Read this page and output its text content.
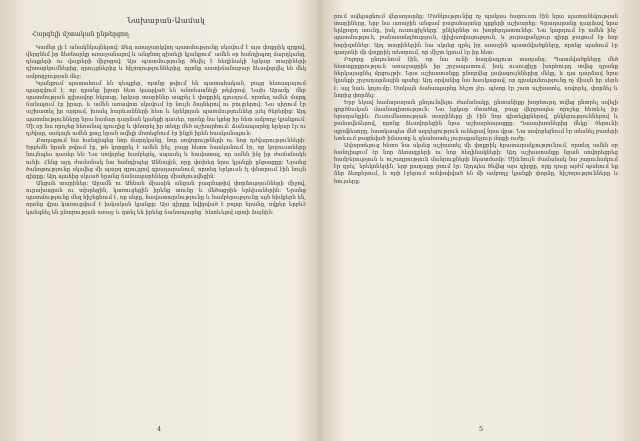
Նախաբան-Աամակ
Հարգելի մշտական ընթերցող

Կամեր լի է անակնկալներով: Ձեզ առաջարկվող պատմությունը սկսվում է այս փոքրիկ գրքով, վերցնեմ իր ձեռնարկը առաջանալով և անցնող գիտելի կյանքում՝ ամեն օր հանդիպող մարդկանց, դեպքերի ու վայրերի միջոցով: Այս պատմությունը ծնվել է հեղինակի երկար տարիների դիտարկումներից, զրույցներից և հիշողություններից, որոնք աստիճանաբար ձևավորվել են մեկ ամբողջության մեջ:

Կյանքում պատահում են դեպքեր, որոնք թվում են պատահական, բայց հետագայում պարզվում է, որ դրանք իրար հետ կապված են անտեսանելի թելերով: Նախ Արամը՝ մեր պատմության գլխավոր հերոսը, երկար տարիներ ապրել է փոքրիկ գյուղում, որտեղ ամեն մարդ ճանաչում էր իրար, և ամեն առավոտ սկսվում էր նույն ձայներով ու բույրերով: Նա սիրում էր աշխատել իր այգում, խոսել հարևանների հետ և երեկոյան պատմություններ լսել ծերերից: Այդ պատմությունները նրա համար դարձան կյանքի դասեր, որոնք նա կրեց իր հետ ամբողջ կյանքում: Մի օր նա որոշեց հեռանալ գյուղից և փնտրել իր տեղը մեծ աշխարհում: Ճանապարհը երկար էր ու դժվար, սակայն ամեն քայլ նրան ավելի մոտեցնում էր ինքն իրեն հասկանալուն:

Քաղաքում նա հանդիպեց նոր մարդկանց, նոր սովորույթների ու նոր դժվարությունների: Երբեմն նրան թվում էր, թե կորցրել է ամեն ինչ, բայց հետո հասկանում էր, որ կորուստները նույնպես դասեր են: Նա սովորեց համբերել, սպասել և հավատալ, որ ամեն ինչ իր ժամանակն ունի: Հենց այդ ժամանակ նա հանդիպեց Աննային, որը փոխեց նրա կյանքի ընթացքը: Նրանց ծանոթությունը սկսվեց մի պարզ զրույցով գրադարանում, որտեղ երկուսն էլ փնտրում էին նույն գիրքը: Այդ պահից սկսած նրանց ճանապարհները միահյուսվեցին:

Անցան տարիներ: Արամն ու Աննան միասին անցան բազմաթիվ փորձությունների միջով, ուրախացան ու տխրեցին, կառուցեցին իրենց տունը և մեծացրին երեխաներին: Նրանց պատմությունը մեզ հիշեցնում է, որ սերը, հավատարմությունը և համբերությունը այն հիմքերն են, որոնց վրա կառուցվում է իսկական կյանքը: Այս գիրքը նվիրված է բոլոր նրանց, ովքեր երբևէ կանգնել են ընտրության առաջ և գտել են իրենց ճանապարհը՝ հետևելով սրտի ձայնին:

4

րում ավելացնում վերադարձը: Մանկությունից ոչ պակաս հարուստ էին նրա պատանեկության տարիները, երբ նա առաջին անգամ բացահայտեց գրքերի աշխարհը: Գրադարանը դարձավ նրա երկրորդ տունը, իսկ ուսուցիչները՝ ընկերներ ու խորհրդատուներ: Նա կարդում էր ամեն ինչ՝ պատմություն, բանաստեղծություն, փիլիսոփայություն, և յուրաքանչյուր գիրք բացում էր նոր հորիզոններ: Այդ տարիներին նա սկսեց գրել իր առաջին պատմվածքները, որոնք պահում էր գաղտնի մի փոքրիկ տետրում, որ միշտ կրում էր իր հետ:

Բոլորը ընդունում էին, որ նա ունի հազվագյուտ տաղանդ: Պատմվածքները մեծ հետաքրքրություն առաջացրին իր շրջապատում, իսկ ուսուցիչը խորհուրդ տվեց դրանք ներկայացնել մրցույթի: Նրա աշխատանքը ընտրվեց լավագույններից մեկը, և դա դարձավ նրա կյանքի շրջադարձային պահը: Այդ օրվանից նա հասկացավ, որ գրականությունը ոչ միայն իր սերն է, այլ նաև կոչումը: Սակայն ճանապարհը հեշտ չէր. պետք էր շատ աշխատել, սովորել, փորձել և նորից փորձել:

Երբ եկավ համալսարան ընդունվելու ժամանակը, ընտանիքը խորհուրդ տվեց ընտրել ավելի գործնական մասնագիտություն: Նա երկար մտածեց, բայց վերջապես որոշեց հետևել իր երազանքին: Ուսումնառության տարիները լի էին նոր գիտելիքներով, ընկերություններով և բանավեճերով, որոնք ձևավորեցին նրա աշխարհայացքը: Դասախոսներից մեկը՝ ծերունի պրոֆեսորը, հատկապես մեծ ազդեցություն ունեցավ նրա վրա: Նա սովորեցնում էր տեսնել բառերի ետևում թաքնված իմաստը և գնահատել յուրաքանչյուր մտքի ուժը:

Ավարտելուց հետո նա սկսեց աշխատել մի փոքրիկ հրատարակչությունում, որտեղ ամեն օր հանդիպում էր նոր ձեռագրերի ու նոր հեղինակների: Այդ աշխատանքը նրան սովորեցրեց համբերություն և ուշադրություն մանրուքների նկատմամբ: Միևնույն ժամանակ նա շարունակում էր գրել՝ երեկոներին, երբ քաղաքը լռում էր: Այդպես ծնվեց այս գիրքը, որը դուք այժմ պահում եք ձեր ձեռքերում, և որի էջերում ամփոփված են մի ամբողջ կյանքի փորձը, հիշողությունները և հույսերը:

5
